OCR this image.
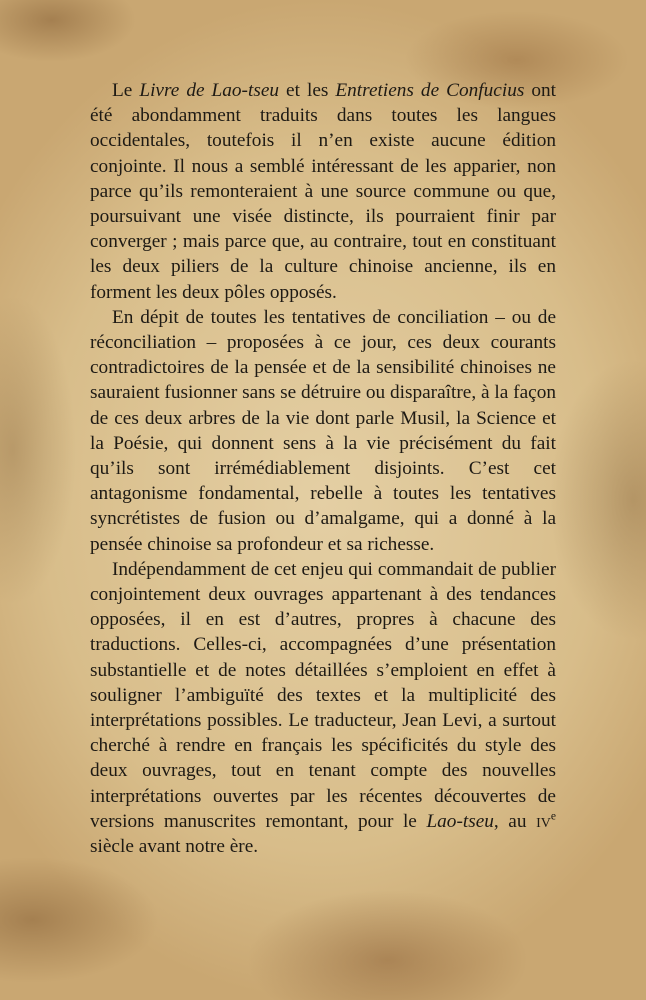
Le Livre de Lao-tseu et les Entretiens de Confucius ont été abondamment traduits dans toutes les langues occidentales, toutefois il n’en existe aucune édition conjointe. Il nous a semblé intéressant de les apparier, non parce qu’ils remonteraient à une source commune ou que, poursuivant une visée distincte, ils pourraient finir par converger ; mais parce que, au contraire, tout en constituant les deux piliers de la culture chinoise ancienne, ils en forment les deux pôles opposés.

En dépit de toutes les tentatives de conciliation – ou de réconciliation – proposées à ce jour, ces deux courants contradictoires de la pensée et de la sensibilité chinoises ne sauraient fusionner sans se détruire ou disparaître, à la façon de ces deux arbres de la vie dont parle Musil, la Science et la Poésie, qui donnent sens à la vie précisément du fait qu’ils sont irrémédiablement disjoints. C’est cet antagonisme fondamental, rebelle à toutes les tentatives syncrétistes de fusion ou d’amalgame, qui a donné à la pensée chinoise sa profondeur et sa richesse.

Indépendamment de cet enjeu qui commandait de publier conjointement deux ouvrages appartenant à des tendances opposées, il en est d’autres, propres à chacune des traductions. Celles-ci, accompagnées d’une présentation substantielle et de notes détaillées s’emploient en effet à souligner l’ambiguïté des textes et la multiplicité des interprétations possibles. Le traducteur, Jean Levi, a surtout cherché à rendre en français les spécificités du style des deux ouvrages, tout en tenant compte des nouvelles interprétations ouvertes par les récentes découvertes de versions manuscrites remontant, pour le Lao-tseu, au $iv^e$ siècle avant notre ère.
